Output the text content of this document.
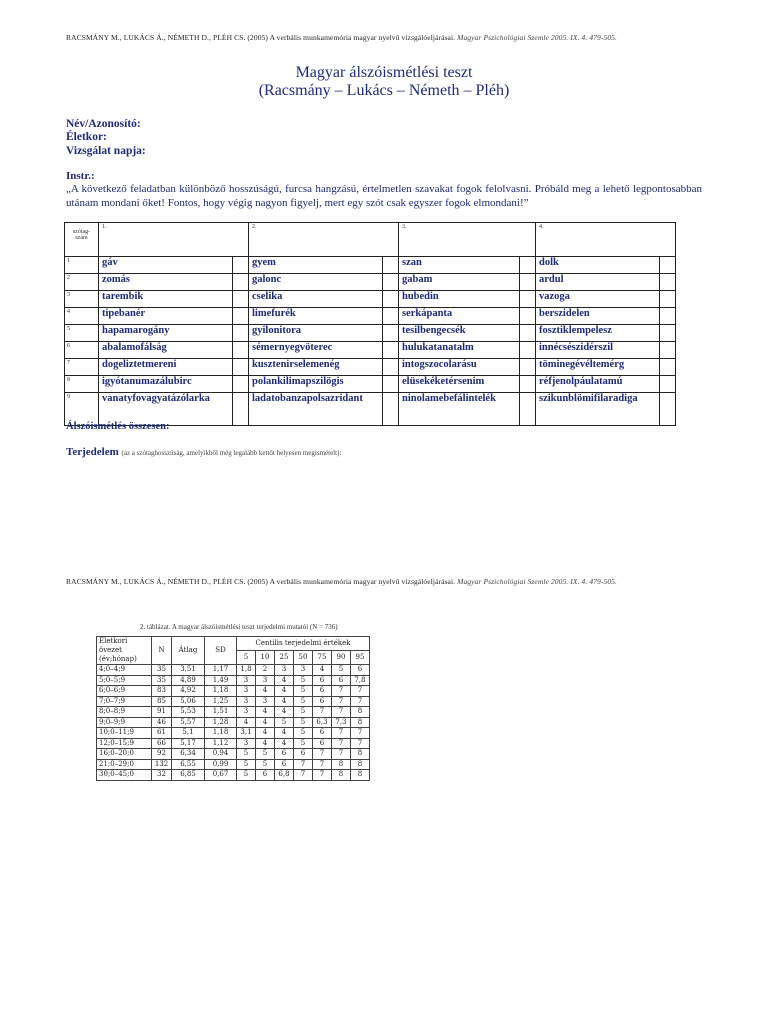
RACSMÁNY M., LUKÁCS Á., NÉMETH D., PLÉH CS. (2005) A verbális munkamemória magyar nyelvű vizsgálóeljárásai. Magyar Pszichológiai Szemle 2005. IX. 4. 479-505.
Magyar álszóismétlési teszt
(Racsmány – Lukács – Németh – Pléh)
Név/Azonosító:
Életkor:
Vizsgálat napja:
Instr.:
„A következő feladatban különböző hosszúságú, furcsa hangzású, értelmetlen szavakat fogok felolvasni. Próbáld meg a lehető legpontosabban utánam mondani őket! Fontos, hogy végig nagyon figyelj, mert egy szót csak egyszer fogok elmondani!”
szótag-szám	1.		2.		3.		4.	
1	gáv		gyem		szan		dolk	
2	zomás		galonc		gabam		ardul	
3	tarembik		cselika		hubedin		vazoga	
4	tipebanér		limefurék		serkápanta		berszidelen	
5	hapamarogány		gyilonitora		tesilbengecsék		fosztiklempelesz	
6	abalamofálság		sémernyegvöterec		hulukatanatalm		innécsészidérszil	
7	dogeliztetmereni		kusztenirselemenég		intogszocolarásu		töminegévéltemérg	
8	igyótanumazálubirc		polankilimapszilögis		elüsekéketérsenim		réfjenolpáulatamú	
9	vanatyfovagyatázólarka		ladatobanzapolsazridant		ninolamebefálintelék		szikunblömifilaradiga	
Álszóismétlés összesen:
Terjedelem (az a szótaghosszúság, amelyikből még legalább kettőt helyesen megismételt):
RACSMÁNY M., LUKÁCS Á., NÉMETH D., PLÉH CS. (2005) A verbális munkamemória magyar nyelvű vizsgálóeljárásai. Magyar Pszichológiai Szemle 2005. IX. 4. 479-505.
2. táblázat. A magyar álszóismétlési teszt terjedelmi mutatói (N = 736)
Életkori övezet (év;hónap)	N	Átlag	SD	Centilis terjedelmi értékek						
				5	10	25	50	75	90	95
4;0–4;9	35	3,51	1,17	1,8	2	3	3	4	5	6
5;0–5;9	35	4,89	1,49	3	3	4	5	6	6	7,8
6;0–6;9	83	4,92	1,18	3	4	4	5	6	7	7
7;0–7;9	85	5,06	1,25	3	3	4	5	6	7	7
8;0–8;9	91	5,53	1,51	3	4	4	5	7	7	8
9;0–9;9	46	5,57	1,28	4	4	5	5	6,3	7,3	8
10;0–11;9	61	5,1	1,18	3,1	4	4	5	6	7	7
12;0–15;9	66	5,17	1,12	3	4	4	5	6	7	7
16;0–20;0	92	6,34	0,94	5	5	6	6	7	7	8
21;0–29;0	132	6,55	0,99	5	5	6	7	7	8	8
30;0–45;0	32	6,85	0,67	5	6	6,8	7	7	8	8
